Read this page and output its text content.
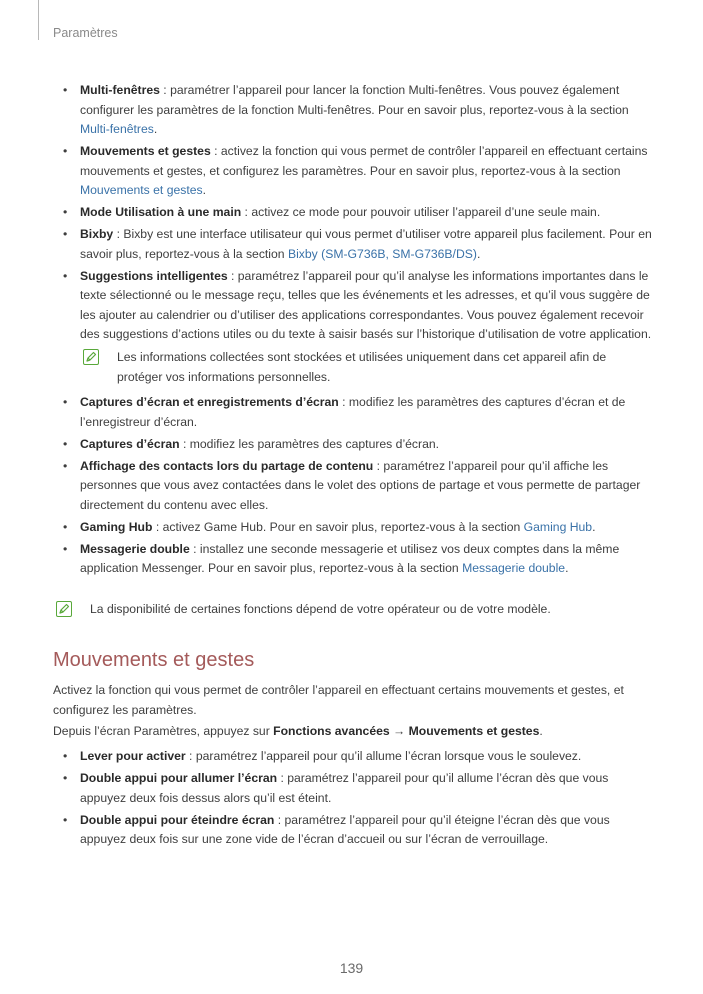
Paramètres
• Multi-fenêtres : paramétrer l’appareil pour lancer la fonction Multi-fenêtres. Vous pouvez également configurer les paramètres de la fonction Multi-fenêtres. Pour en savoir plus, reportez-vous à la section Multi-fenêtres.
• Mouvements et gestes : activez la fonction qui vous permet de contrôler l’appareil en effectuant certains mouvements et gestes, et configurez les paramètres. Pour en savoir plus, reportez-vous à la section Mouvements et gestes.
• Mode Utilisation à une main : activez ce mode pour pouvoir utiliser l’appareil d’une seule main.
• Bixby : Bixby est une interface utilisateur qui vous permet d’utiliser votre appareil plus facilement. Pour en savoir plus, reportez-vous à la section Bixby (SM-G736B, SM-G736B/DS).
• Suggestions intelligentes : paramétrez l’appareil pour qu’il analyse les informations importantes dans le texte sélectionné ou le message reçu, telles que les événements et les adresses, et qu’il vous suggère de les ajouter au calendrier ou d’utiliser des applications correspondantes. Vous pouvez également recevoir des suggestions d’actions utiles ou du texte à saisir basés sur l’historique d’utilisation de votre application.
Les informations collectées sont stockées et utilisées uniquement dans cet appareil afin de protéger vos informations personnelles.
• Captures d’écran et enregistrements d’écran : modifiez les paramètres des captures d’écran et de l’enregistreur d’écran.
• Captures d’écran : modifiez les paramètres des captures d’écran.
• Affichage des contacts lors du partage de contenu : paramétrez l’appareil pour qu’il affiche les personnes que vous avez contactées dans le volet des options de partage et vous permette de partager directement du contenu avec elles.
• Gaming Hub : activez Game Hub. Pour en savoir plus, reportez-vous à la section Gaming Hub.
• Messagerie double : installez une seconde messagerie et utilisez vos deux comptes dans la même application Messenger. Pour en savoir plus, reportez-vous à la section Messagerie double.
La disponibilité de certaines fonctions dépend de votre opérateur ou de votre modèle.
Mouvements et gestes

Activez la fonction qui vous permet de contrôler l’appareil en effectuant certains mouvements et gestes, et configurez les paramètres.

Depuis l’écran Paramètres, appuyez sur Fonctions avancées → Mouvements et gestes.

• Lever pour activer : paramétrez l’appareil pour qu’il allume l’écran lorsque vous le soulevez.
• Double appui pour allumer l’écran : paramétrez l’appareil pour qu’il allume l’écran dès que vous appuyez deux fois dessus alors qu’il est éteint.
• Double appui pour éteindre écran : paramétrez l’appareil pour qu’il éteigne l’écran dès que vous appuyez deux fois sur une zone vide de l’écran d’accueil ou sur l’écran de verrouillage.
139
